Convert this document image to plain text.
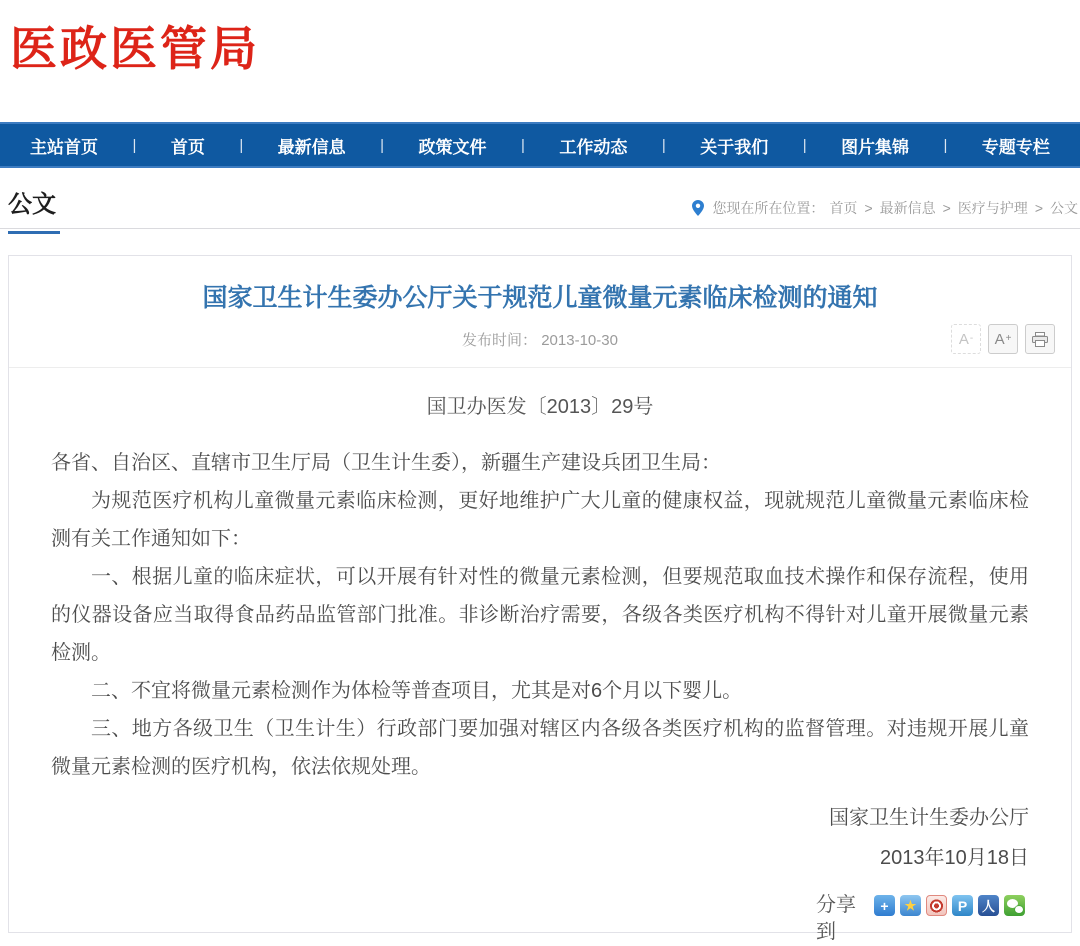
医政医管局
主站首页 | 首页 | 最新信息 | 政策文件 | 工作动态 | 关于我们 | 图片集锦 | 专题专栏
公文	您现在所在位置： 首页 > 最新信息 > 医疗与护理 > 公文
国家卫生计生委办公厅关于规范儿童微量元素临床检测的通知
发布时间： 2013-10-30	A - A +
国卫办医发〔2013〕29号

各省、自治区、直辖市卫生厅局（卫生计生委），新疆生产建设兵团卫生局：

为规范医疗机构儿童微量元素临床检测，更好地维护广大儿童的健康权益，现就规范儿童微量元素临床检测有关工作通知如下：

一、根据儿童的临床症状，可以开展有针对性的微量元素检测，但要规范取血技术操作和保存流程，使用的仪器设备应当取得食品药品监管部门批准。非诊断治疗需要，各级各类医疗机构不得针对儿童开展微量元素检测。

二、不宜将微量元素检测作为体检等普查项目，尤其是对6个月以下婴儿。

三、地方各级卫生（卫生计生）行政部门要加强对辖区内各级各类医疗机构的监督管理。对违规开展儿童微量元素检测的医疗机构，依法依规处理。

国家卫生计生委办公厅
2013年10月18日
分享到
+ ★	P 人
